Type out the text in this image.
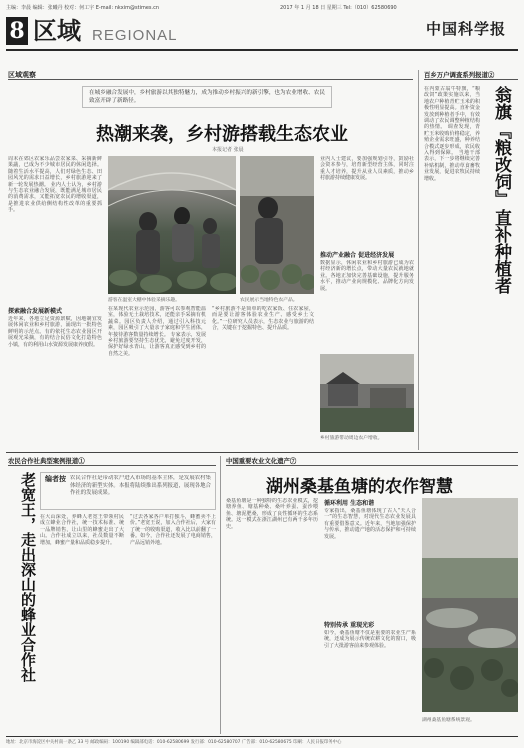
主编：李晨 编辑：张曦丹 校对：何工宇 E-mail: nkxim@stimes.cn	2017 年 1 月 18 日 星期三 Tel:（010）62580690
8 区域 REGIONAL	中国科学报
区域观察
在城乡融合发展中，乡村旅游以其独特魅力，成为推动乡村振兴的新引擎，也为农业增收、农民致富开辟了新路径。
热潮来袭，乡村游搭载生态农业
本报记者 张晨
周末在郊区农家乐品尝农家菜、采摘新鲜果蔬，已成为不少城市居民的休闲选择。随着生活水平提高，人们对绿色生态、田园风光的需求日益增长，乡村旅游迎来了新一轮发展热潮。 业内人士认为，乡村游与生态农业融合发展，既能满足城市居民的消费需求，又能拓宽农民的增收渠道，是推进农业供给侧结构性改革的重要抓手。
探索融合发展新模式
近年来，各地立足资源禀赋，因地制宜发展休闲农业和乡村旅游，涌现出一批特色鲜明的示范点。有的依托生态农业园区开展观光采摘，有的结合民俗文化打造特色小镇，有的利用山水资源发展康养度假。
游客在温室大棚中体验采摘乐趣。	农民展示当地特色农产品。
在某现代农业示范园，游客可以参观智能温室，体验无土栽培技术，还能亲手采摘有机蔬菜。园区负责人介绍，通过引入科技元素，园区吸引了大量亲子家庭和学生团体，年接待游客数量持续增长。 专家表示，发展乡村旅游要坚持生态优先，避免过度开发，保护好绿水青山，让游客真正感受到乡村的自然之美。
“乡村旅游不是简单的吃农家饭、住农家屋，而是要让游客体验农业生产、感受乡土文化。”一位研究人员表示，生态农业与旅游的结合，关键在于挖掘特色、提升品质。
业内人士建议，要加强规划引导，鼓励社会资本参与，培育新型经营主体，同时注重人才培养，提升从业人员素质，推动乡村旅游持续健康发展。
推动产业融合 促进经济发展
数据显示，休闲农业和乡村旅游已成为农村经济新的增长点，带动大量农民就地就业。各地正加快完善基础设施，提升服务水平，推动产业向规模化、品牌化方向发展。
乡村旅游带动周边农户增收。
百乡万户调查系列报道②
在内蒙古翁牛特旗，“粮改饲”政策实施以来，当地农户种植青贮玉米的积极性明显提高。直补资金发放到种植者手中，有效调动了农民调整种植结构的热情。 调查发现，青贮玉米收购价格稳定，养殖企业需求旺盛，种养结合模式逐步形成，农民收入得到保障。 当地干部表示，下一步将继续完善补贴机制，推动草食畜牧业发展，促进农牧民持续增收。
翁旗
『粮改饲』
直补种植者
农民合作社典型案例报道①
老宽王，走出深山的蜂业合作社 编者按 农民合作社是带动农户进入市场的基本主体，是发展农村集体经济的新型实体。本报将陆续推出系列报道，展现各地合作社的发展成果。
在大山深处，养蜂人老宽王带领村民成立蜂业合作社，统一技术标准、统一品牌销售，让山里的蜂蜜走出了大山。合作社成立以来，社员数量不断增加，蜂蜜产量和品质稳步提升。
“过去各家各户单打独斗，蜂蜜卖不上价。”老宽王说，加入合作社后，大家有了统一的收购渠道，收入比以前翻了一番。如今，合作社还发展了电商销售，产品远销外地。
中国重要农业文化遗产⑦
湖州桑基鱼塘的农作智慧
桑基鱼塘是一种独特的生态农业模式，挖塘养鱼、塘基种桑、桑叶养蚕、蚕沙喂鱼、塘泥肥桑，形成了良性循环的生态系统。这一模式在浙江湖州已有两千多年历史。
循环利用 生态和谐
专家指出，桑基鱼塘体现了古人“天人合一”的生态智慧，对现代生态农业发展具有重要借鉴意义。近年来，当地加强保护与传承，推动遗产地的活态保护和可持续发展。
特别传承 重现光彩
如今，桑基鱼塘不仅是重要的农业生产系统，还成为展示传统农耕文化的窗口，吸引了大批游客前来参观体验。
湖州桑基鱼塘系统景观。
地址：北京市海淀区中关村南一条乙 33 号 邮政编码：100190 编辑部电话：010-62580699 发行部：010-62580707 广告部：010-62580675 印刷：人民日报印务中心
